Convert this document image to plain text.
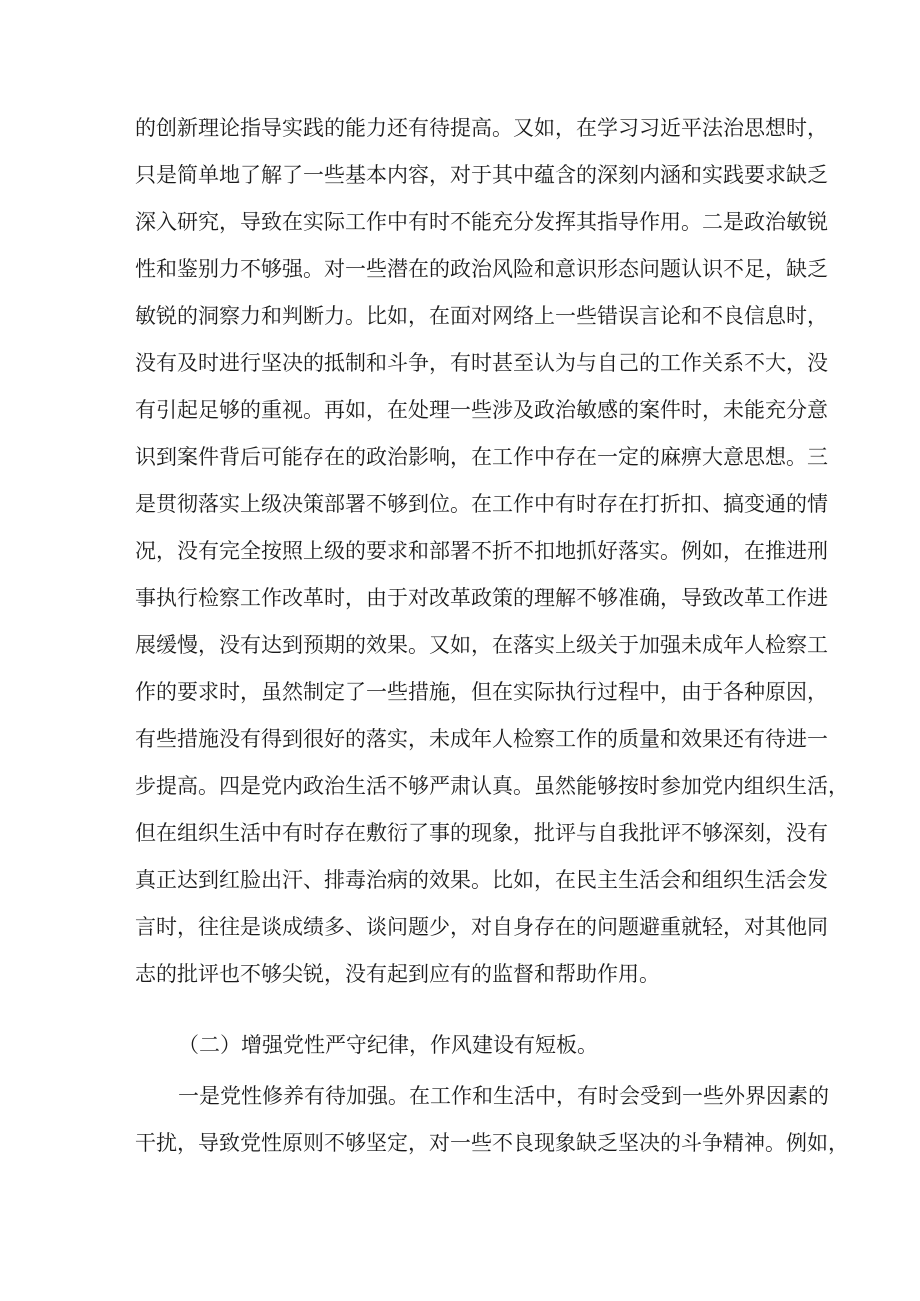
的创新理论指导实践的能力还有待提高。又如，在学习习近平法治思想时，
只是简单地了解了一些基本内容，对于其中蕴含的深刻内涵和实践要求缺乏
深入研究，导致在实际工作中有时不能充分发挥其指导作用。二是政治敏锐
性和鉴别力不够强。对一些潜在的政治风险和意识形态问题认识不足，缺乏
敏锐的洞察力和判断力。比如，在面对网络上一些错误言论和不良信息时，
没有及时进行坚决的抵制和斗争，有时甚至认为与自己的工作关系不大，没
有引起足够的重视。再如，在处理一些涉及政治敏感的案件时，未能充分意
识到案件背后可能存在的政治影响，在工作中存在一定的麻痹大意思想。三
是贯彻落实上级决策部署不够到位。在工作中有时存在打折扣、搞变通的情
况，没有完全按照上级的要求和部署不折不扣地抓好落实。例如，在推进刑
事执行检察工作改革时，由于对改革政策的理解不够准确，导致改革工作进
展缓慢，没有达到预期的效果。又如，在落实上级关于加强未成年人检察工
作的要求时，虽然制定了一些措施，但在实际执行过程中，由于各种原因，
有些措施没有得到很好的落实，未成年人检察工作的质量和效果还有待进一
步提高。四是党内政治生活不够严肃认真。虽然能够按时参加党内组织生活，
但在组织生活中有时存在敷衍了事的现象，批评与自我批评不够深刻，没有
真正达到红脸出汗、排毒治病的效果。比如，在民主生活会和组织生活会发
言时，往往是谈成绩多、谈问题少，对自身存在的问题避重就轻，对其他同
志的批评也不够尖锐，没有起到应有的监督和帮助作用。
（二）增强党性严守纪律，作风建设有短板。
一是党性修养有待加强。在工作和生活中，有时会受到一些外界因素的
干扰，导致党性原则不够坚定，对一些不良现象缺乏坚决的斗争精神。例如，
